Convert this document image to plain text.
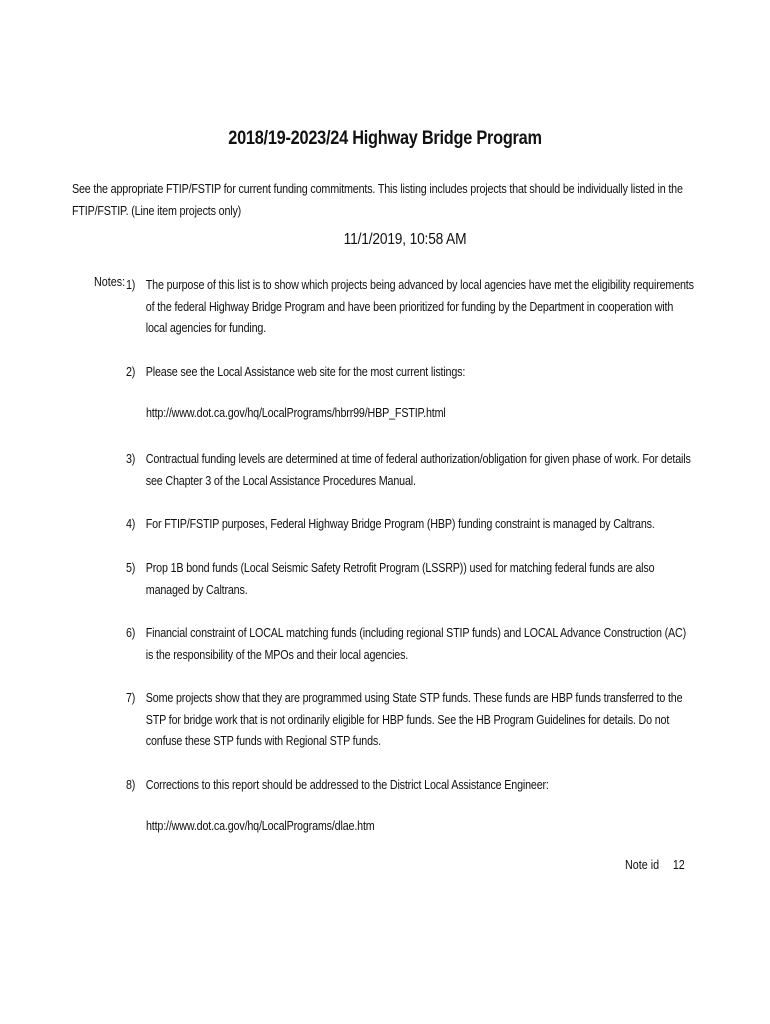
2018/19-2023/24 Highway Bridge Program
See the appropriate FTIP/FSTIP for current funding commitments. This listing includes projects that should be individually listed in the FTIP/FSTIP. (Line item projects only)
11/1/2019, 10:58 AM
Notes: 1) The purpose of this list is to show which projects being advanced by local agencies have met the eligibility requirements of the federal Highway Bridge Program and have been prioritized for funding by the Department in cooperation with local agencies for funding.
2) Please see the Local Assistance web site for the most current listings:
http://www.dot.ca.gov/hq/LocalPrograms/hbrr99/HBP_FSTIP.html
3) Contractual funding levels are determined at time of federal authorization/obligation for given phase of work. For details see Chapter 3 of the Local Assistance Procedures Manual.
4) For FTIP/FSTIP purposes, Federal Highway Bridge Program (HBP) funding constraint is managed by Caltrans.
5) Prop 1B bond funds (Local Seismic Safety Retrofit Program (LSSRP)) used for matching federal funds are also managed by Caltrans.
6) Financial constraint of LOCAL matching funds (including regional STIP funds) and LOCAL Advance Construction (AC) is the responsibility of the MPOs and their local agencies.
7) Some projects show that they are programmed using State STP funds. These funds are HBP funds transferred to the STP for bridge work that is not ordinarily eligible for HBP funds. See the HB Program Guidelines for details. Do not confuse these STP funds with Regional STP funds.
8) Corrections to this report should be addressed to the District Local Assistance Engineer:
http://www.dot.ca.gov/hq/LocalPrograms/dlae.htm
Note id 12
